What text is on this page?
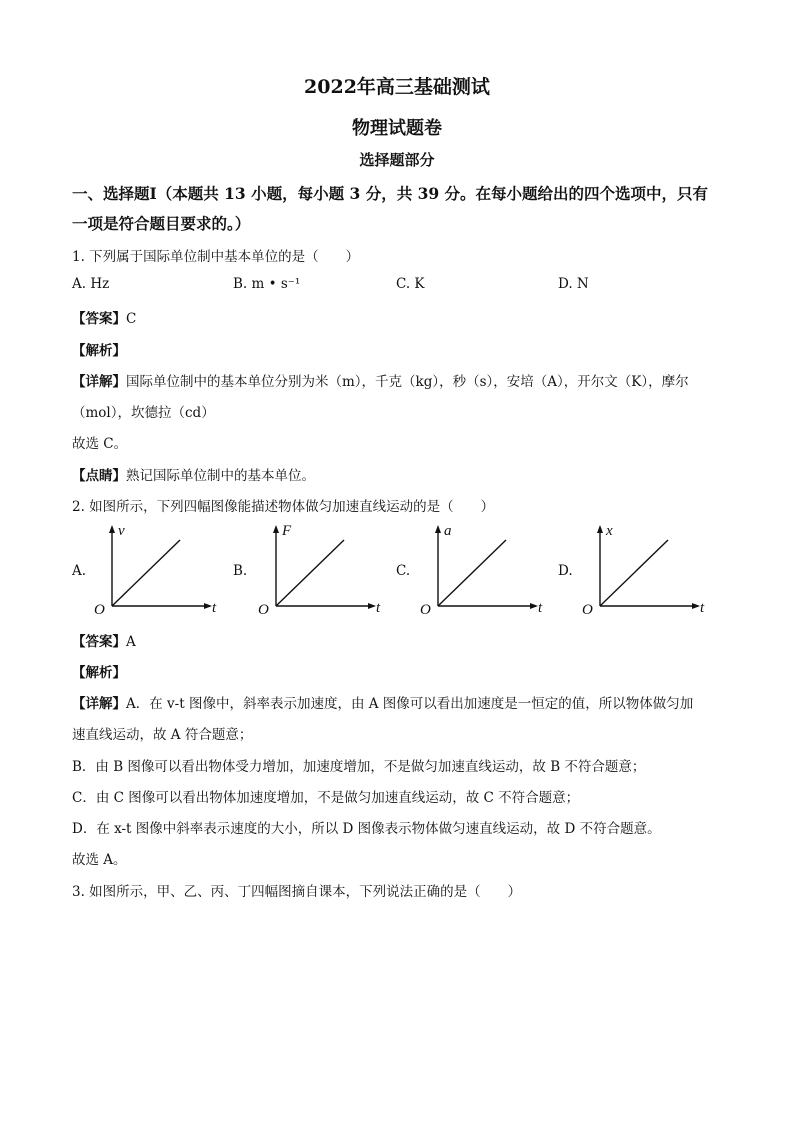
2022年高三基础测试
物理试题卷
选择题部分
一、选择题Ⅰ（本题共 13 小题，每小题 3 分，共 39 分。在每小题给出的四个选项中，只有
一项是符合题目要求的。）
1. 下列属于国际单位制中基本单位的是（　　）
A. Hz	B. m • s⁻¹	C. K	D. N
【答案】C
【解析】
【详解】国际单位制中的基本单位分别为米（m），千克（kg），秒（s），安培（A），开尔文（K），摩尔
（mol），坎德拉（cd）
故选 C。
【点睛】熟记国际单位制中的基本单位。
2. 如图所示，下列四幅图像能描述物体做匀加速直线运动的是（　　）
A.
v
t
O
B.
F
t
O
C.
a
t
O
D.
x
t
O
【答案】A
【解析】
【详解】A．在 v-t 图像中，斜率表示加速度，由 A 图像可以看出加速度是一恒定的值，所以物体做匀加
速直线运动，故 A 符合题意；
B．由 B 图像可以看出物体受力增加，加速度增加，不是做匀加速直线运动，故 B 不符合题意；
C．由 C 图像可以看出物体加速度增加，不是做匀加速直线运动，故 C 不符合题意；
D．在 x-t 图像中斜率表示速度的大小，所以 D 图像表示物体做匀速直线运动，故 D 不符合题意。
故选 A。
3. 如图所示，甲、乙、丙、丁四幅图摘自课本，下列说法正确的是（　　）
